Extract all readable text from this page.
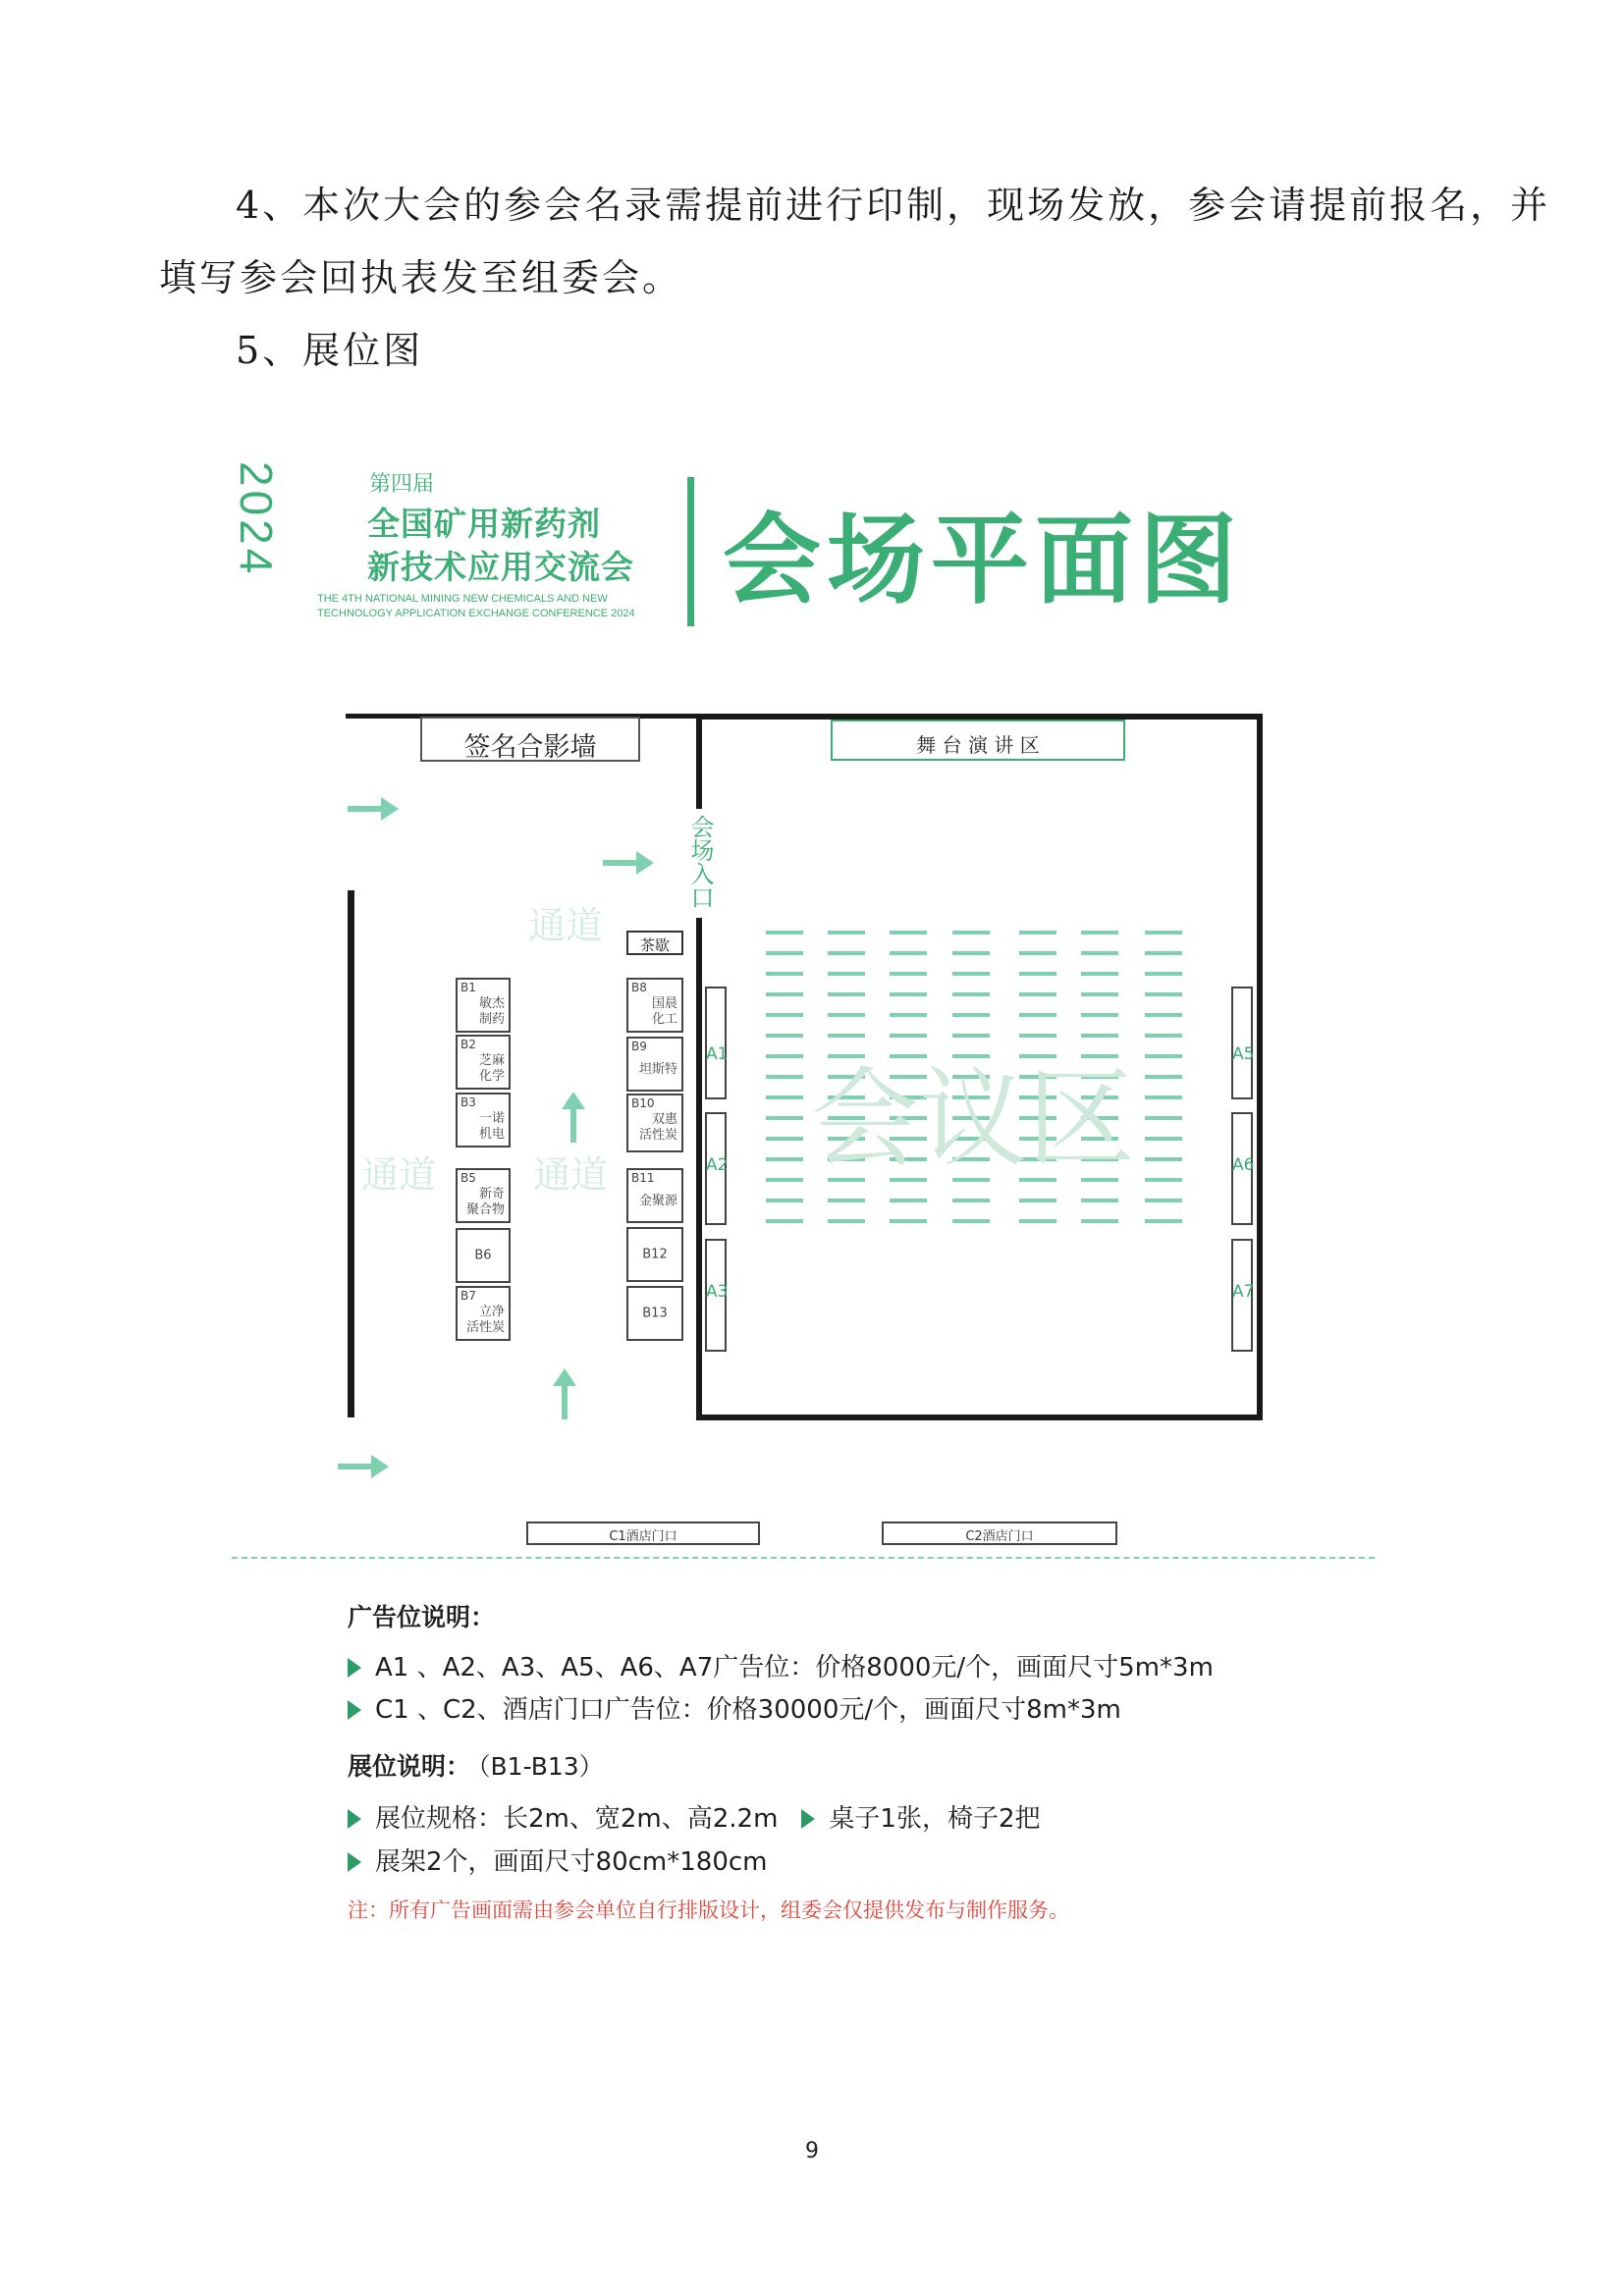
4、本次大会的参会名录需提前进行印制，现场发放，参会请提前报名，并
填写参会回执表发至组委会。
5、展位图
2024	第四届
全国矿用新药剂
新技术应用交流会
THE 4TH NATIONAL MINING NEW CHEMICALS AND NEW
TECHNOLOGY APPLICATION EXCHANGE CONFERENCE 2024 会场平面图
签名合影墙	舞 台 演 讲 区
会场入口
茶歇
通道
通道	通道
B1
敏杰
制药
B2
芝麻
化学
B3
一诺
机电
B5
新奇
聚合物
B6
B7
立净
活性炭
B8
国晨
化工
B9
坦斯特
B10
双惠
活性炭
B11
金聚源
B12
B13
A1
A2
A3
A5
A6
A7
会议区
C1酒店门口	C2酒店门口
广告位说明：
A1 、A2、A3、A5、A6、A7广告位：价格8000元/个，画面尺寸5m*3m
C1 、C2、酒店门口广告位：价格30000元/个，画面尺寸8m*3m
展位说明： （B1-B13）
展位规格：长2m、宽2m、高2.2m 桌子1张，椅子2把
展架2个，画面尺寸80cm*180cm
注：所有广告画面需由参会单位自行排版设计，组委会仅提供发布与制作服务。
9
